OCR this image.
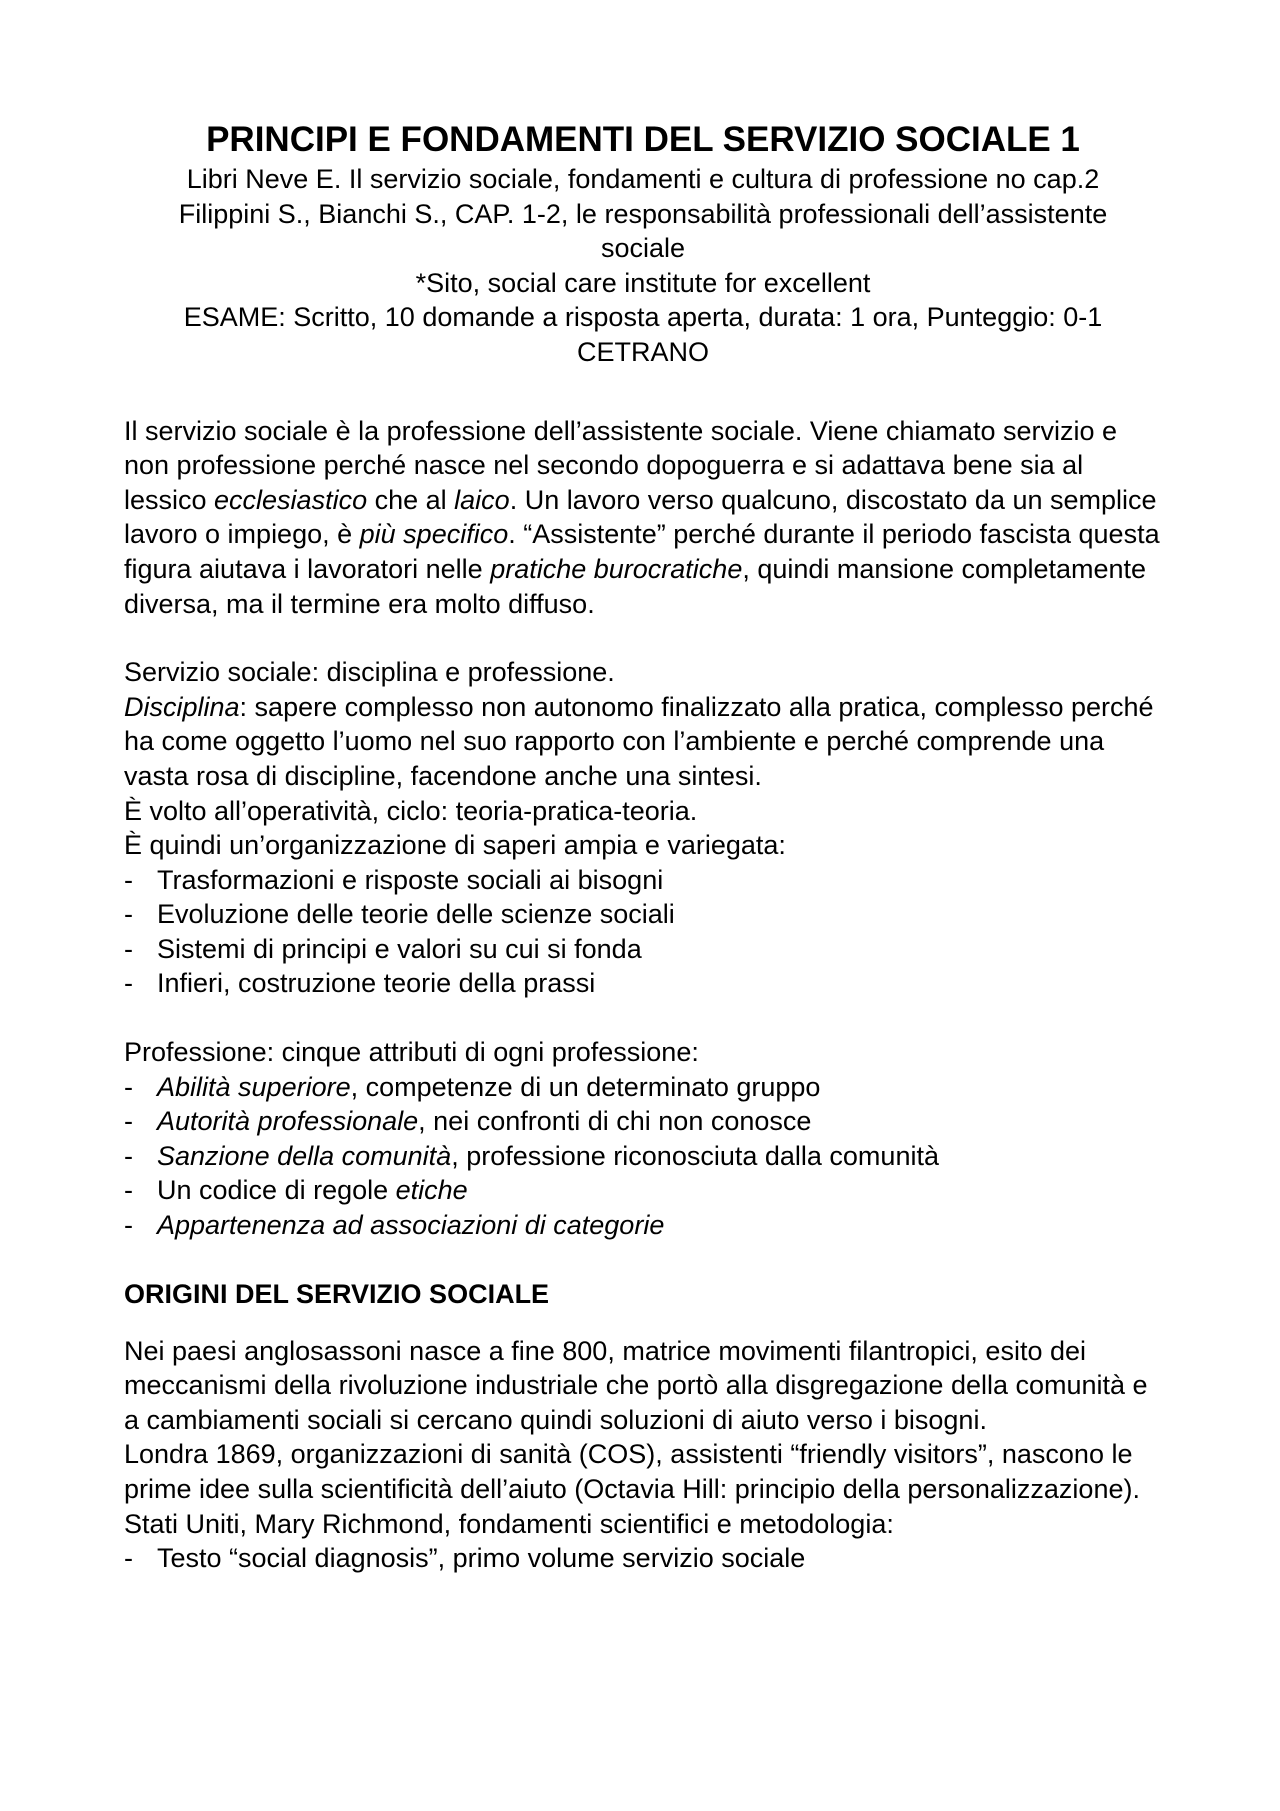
PRINCIPI E FONDAMENTI DEL SERVIZIO SOCIALE 1
Libri Neve E. Il servizio sociale, fondamenti e cultura di professione no cap.2
Filippini S., Bianchi S., CAP. 1-2, le responsabilità professionali dell’assistente
sociale
*Sito, social care institute for excellent
ESAME: Scritto, 10 domande a risposta aperta, durata: 1 ora, Punteggio: 0-1
CETRANO

Il servizio sociale è la professione dell’assistente sociale. Viene chiamato servizio e non professione perché nasce nel secondo dopoguerra e si adattava bene sia al lessico ecclesiastico che al laico. Un lavoro verso qualcuno, discostato da un semplice lavoro o impiego, è più specifico. “Assistente” perché durante il periodo fascista questa figura aiutava i lavoratori nelle pratiche burocratiche, quindi mansione completamente diversa, ma il termine era molto diffuso.

Servizio sociale: disciplina e professione.

Disciplina: sapere complesso non autonomo finalizzato alla pratica, complesso perché ha come oggetto l’uomo nel suo rapporto con l’ambiente e perché comprende una vasta rosa di discipline, facendone anche una sintesi.

È volto all’operatività, ciclo: teoria-pratica-teoria.

È quindi un’organizzazione di saperi ampia e variegata:

- Trasformazioni e risposte sociali ai bisogni
- Evoluzione delle teorie delle scienze sociali
- Sistemi di principi e valori su cui si fonda
- Infieri, costruzione teorie della prassi

Professione: cinque attributi di ogni professione:

- Abilità superiore, competenze di un determinato gruppo
- Autorità professionale, nei confronti di chi non conosce
- Sanzione della comunità, professione riconosciuta dalla comunità
- Un codice di regole etiche
- Appartenenza ad associazioni di categorie
ORIGINI DEL SERVIZIO SOCIALE

Nei paesi anglosassoni nasce a fine 800, matrice movimenti filantropici, esito dei meccanismi della rivoluzione industriale che portò alla disgregazione della comunità e a cambiamenti sociali si cercano quindi soluzioni di aiuto verso i bisogni.

Londra 1869, organizzazioni di sanità (COS), assistenti “friendly visitors”, nascono le prime idee sulla scientificità dell’aiuto (Octavia Hill: principio della personalizzazione).

Stati Uniti, Mary Richmond, fondamenti scientifici e metodologia:

- Testo “social diagnosis”, primo volume servizio sociale
